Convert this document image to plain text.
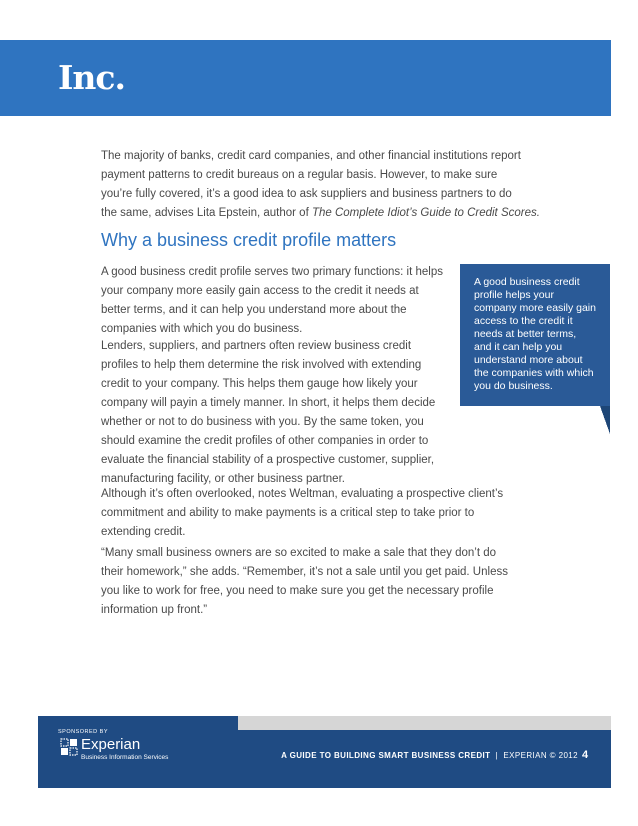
Inc.

The majority of banks, credit card companies, and other financial institutions report
payment patterns to credit bureaus on a regular basis. However, to make sure
you’re fully covered, it’s a good idea to ask suppliers and business partners to do
the same, advises Lita Epstein, author of The Complete Idiot’s Guide to Credit Scores.

Why a business credit profile matters

A good business credit profile serves two primary functions: it helps your company more easily gain access to the credit it needs at better terms, and it can help you understand more about the companies with which you do business.

Lenders, suppliers, and partners often review business credit profiles to help them determine the risk involved with extending credit to your company. This helps them gauge how likely your company will payin a timely manner. In short, it helps them decide whether or not to do business with you. By the same token, you should examine the credit profiles of other companies in order to evaluate the financial stability of a prospective customer, supplier, manufacturing facility, or other business partner.

Although it’s often overlooked, notes Weltman, evaluating a prospective client’s commitment and ability to make payments is a critical step to take prior to extending credit.

“Many small business owners are so excited to make a sale that they don’t do their homework,” she adds. “Remember, it’s not a sale until you get paid. Unless you like to work for free, you need to make sure you get the necessary profile information up front.”

A good business credit profile helps your company more easily gain access to the credit it needs at better terms, and it can help you understand more about the companies with which you do business.

SPONSORED BY

Experian

Business Information Services	A GUIDE TO BUILDING SMART BUSINESS CREDIT | EXPERIAN © 2012 4
